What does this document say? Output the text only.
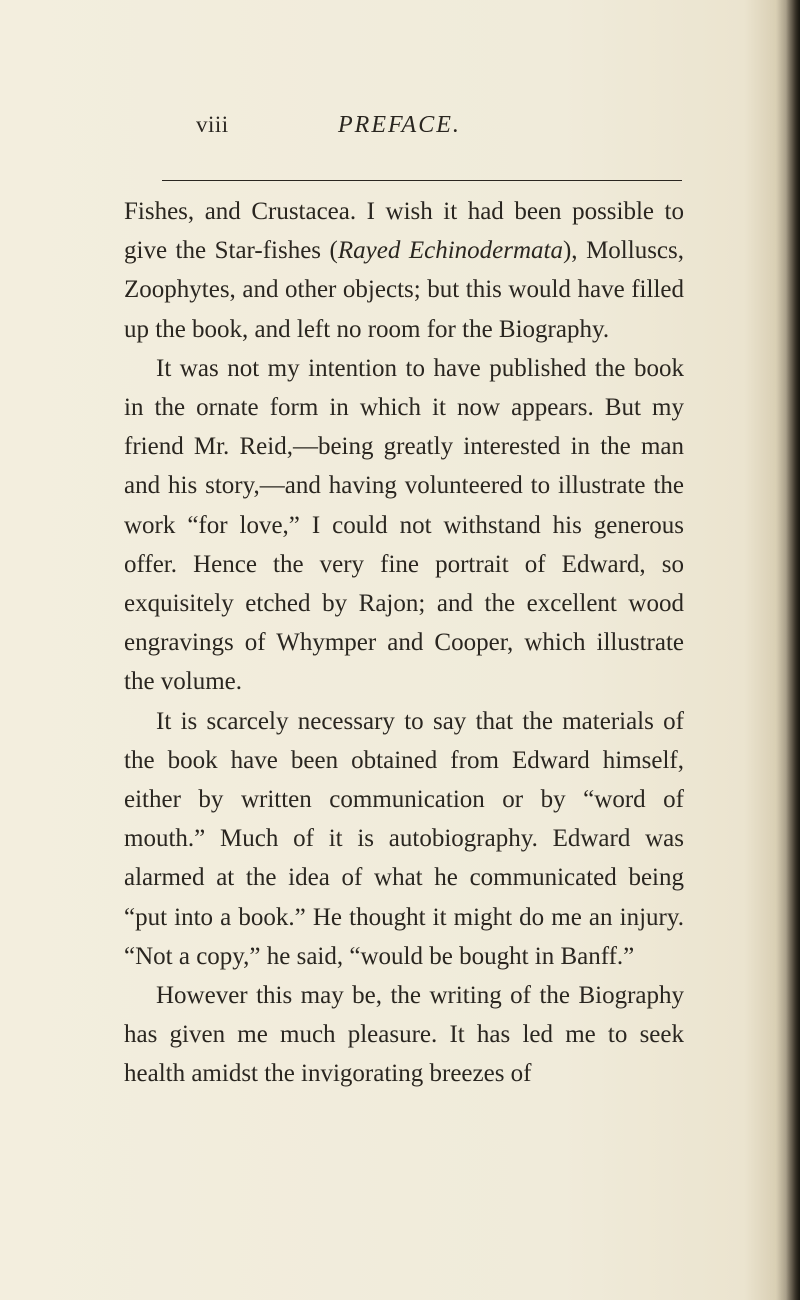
viii	PREFACE.

Fishes, and Crustacea. I wish it had been possible to give the Star-fishes (Rayed Echinodermata), Molluscs, Zoophytes, and other objects; but this would have filled up the book, and left no room for the Biography.

It was not my intention to have published the book in the ornate form in which it now appears. But my friend Mr. Reid,—being greatly interested in the man and his story,—and having volunteered to illustrate the work “for love,” I could not withstand his generous offer. Hence the very fine portrait of Edward, so exquisitely etched by Rajon; and the excellent wood engravings of Whymper and Cooper, which illustrate the volume.

It is scarcely necessary to say that the materials of the book have been obtained from Edward himself, either by written communication or by “word of mouth.” Much of it is autobiography. Edward was alarmed at the idea of what he communicated being “put into a book.” He thought it might do me an injury. “Not a copy,” he said, “would be bought in Banff.”

However this may be, the writing of the Biography has given me much pleasure. It has led me to seek health amidst the invigorating breezes of
